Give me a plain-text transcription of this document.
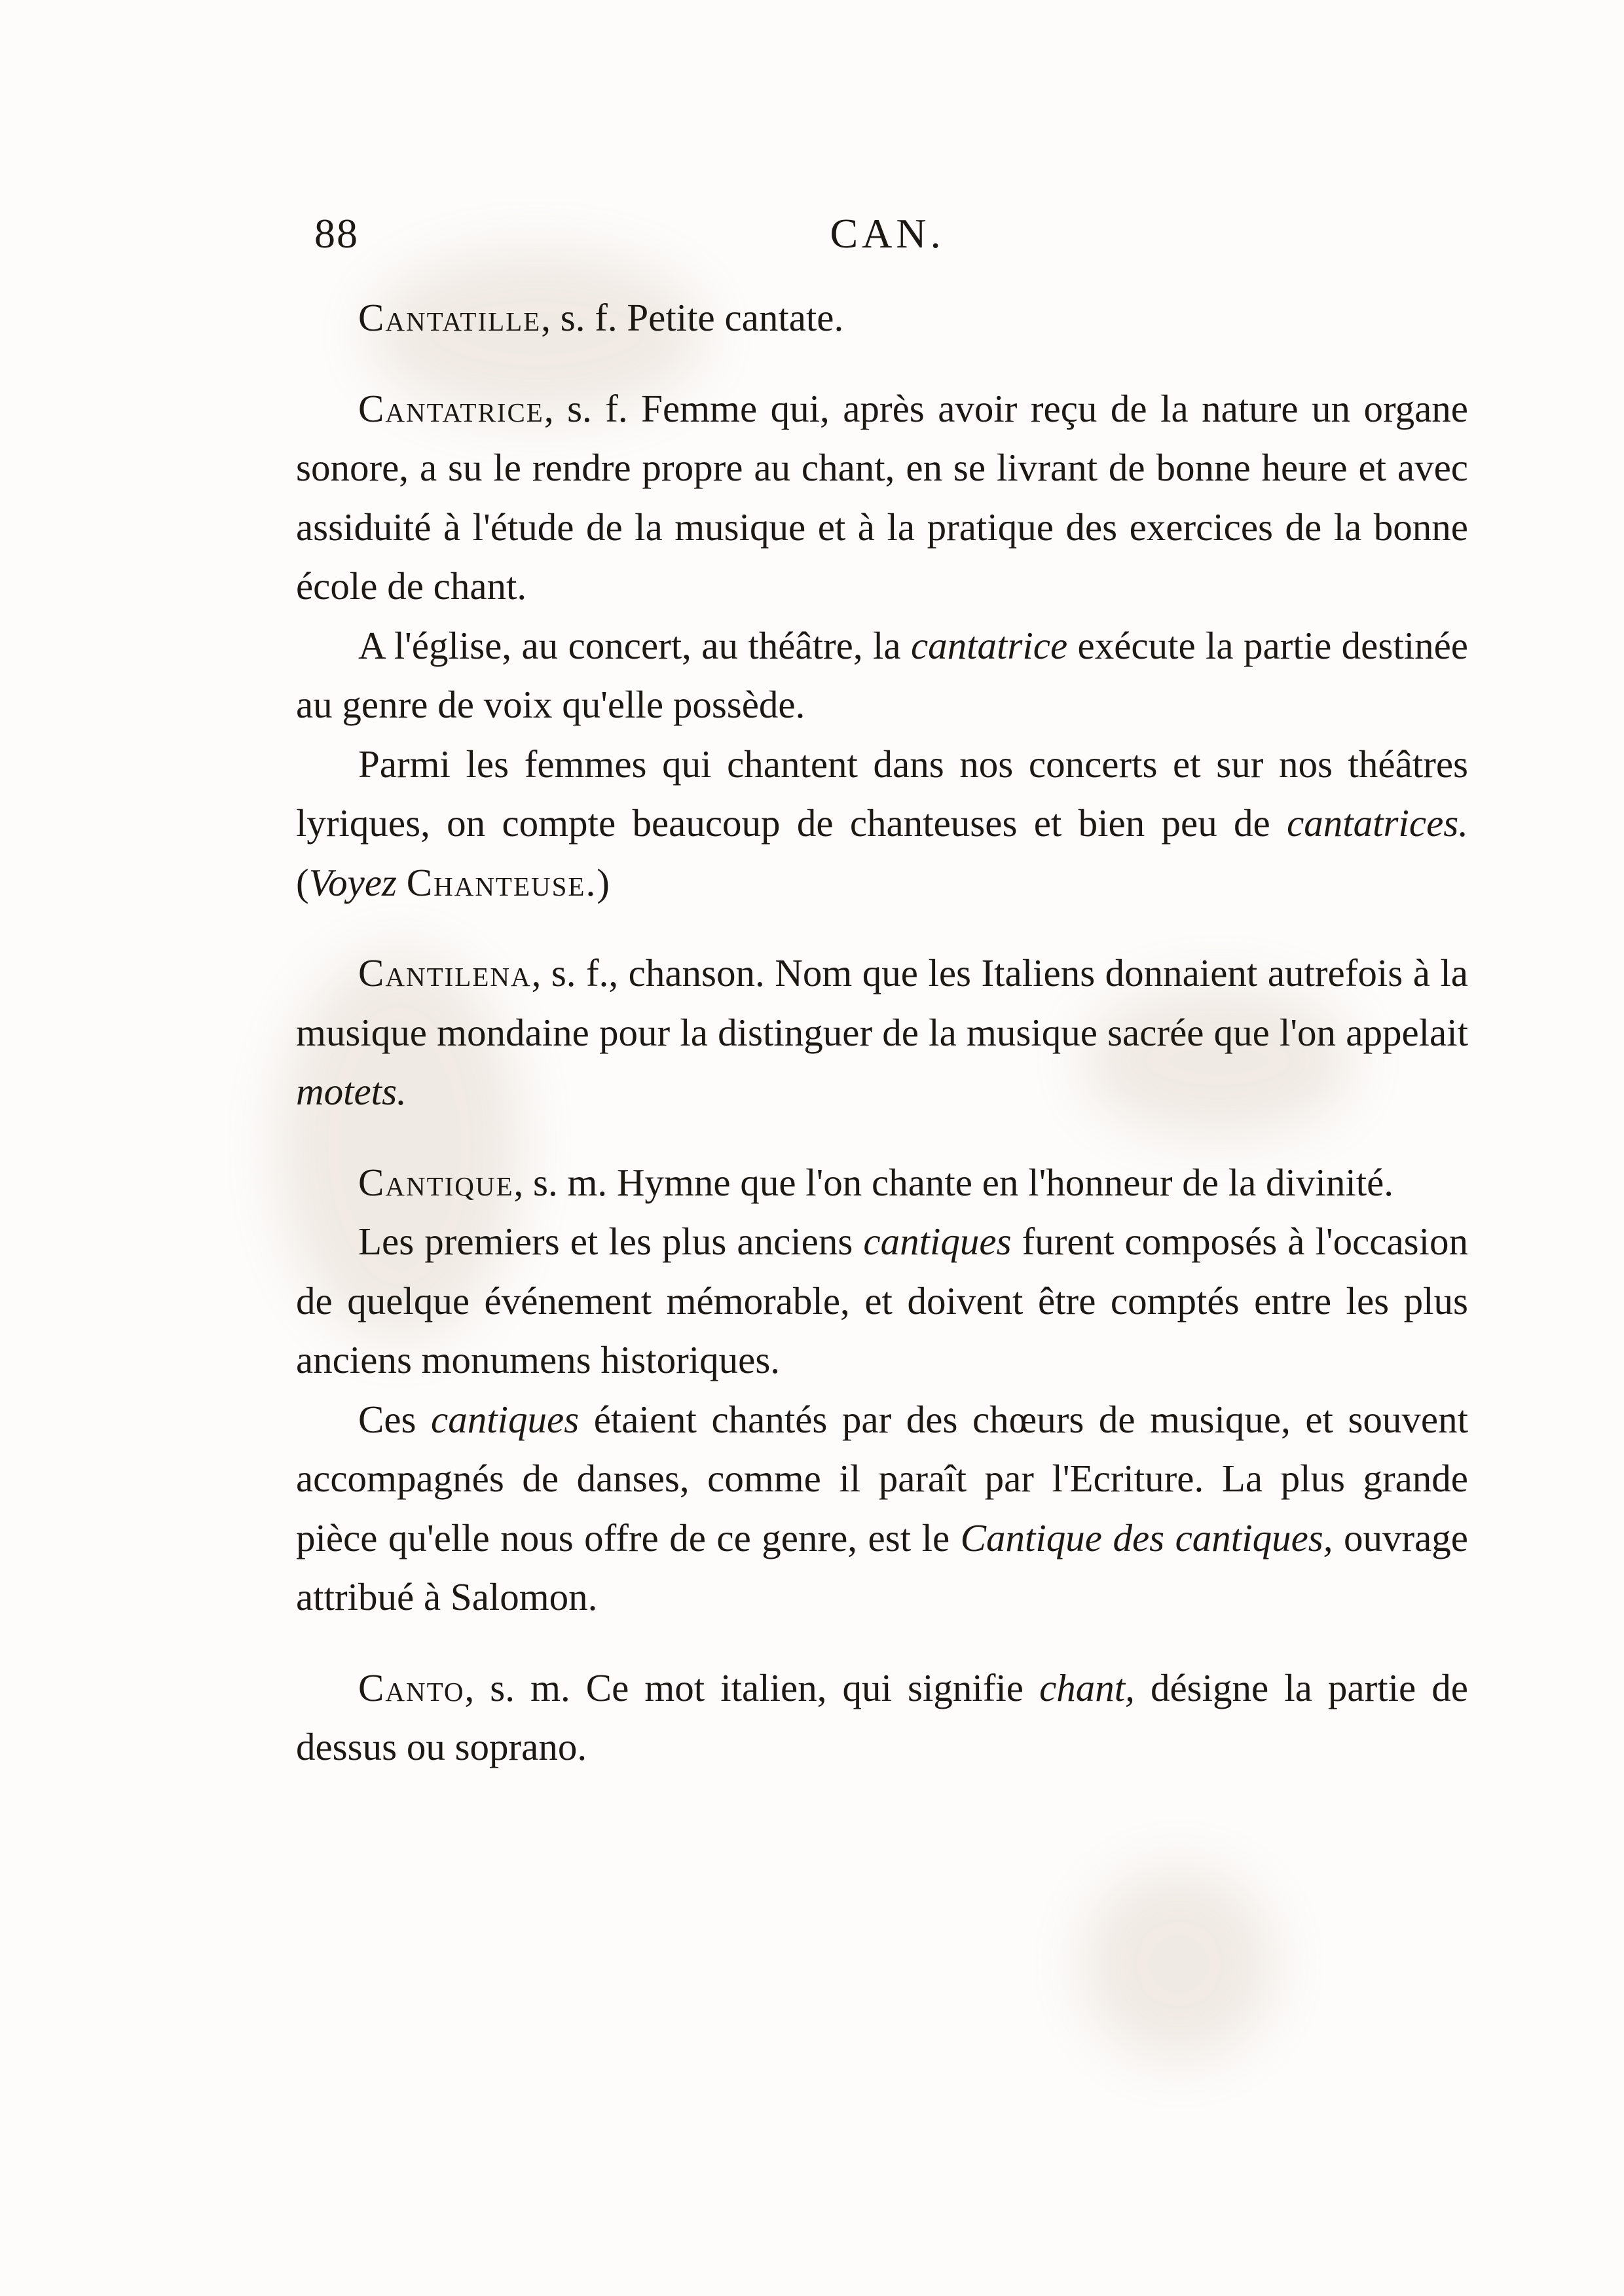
88	CAN.

Cantatille, s. f. Petite cantate.

Cantatrice, s. f. Femme qui, après avoir reçu de la nature un organe sonore, a su le rendre propre au chant, en se livrant de bonne heure et avec assiduité à l'étude de la musique et à la pratique des exercices de la bonne école de chant.

A l'église, au concert, au théâtre, la cantatrice exécute la partie destinée au genre de voix qu'elle possède.

Parmi les femmes qui chantent dans nos concerts et sur nos théâtres lyriques, on compte beaucoup de chanteuses et bien peu de cantatrices. (Voyez Chanteuse.)

Cantilena, s. f., chanson. Nom que les Italiens donnaient autrefois à la musique mondaine pour la distinguer de la musique sacrée que l'on appelait motets.

Cantique, s. m. Hymne que l'on chante en l'honneur de la divinité.

Les premiers et les plus anciens cantiques furent composés à l'occasion de quelque événement mémorable, et doivent être comptés entre les plus anciens monumens historiques.

Ces cantiques étaient chantés par des chœurs de musique, et souvent accompagnés de danses, comme il paraît par l'Ecriture. La plus grande pièce qu'elle nous offre de ce genre, est le Cantique des cantiques, ouvrage attribué à Salomon.

Canto, s. m. Ce mot italien, qui signifie chant, désigne la partie de dessus ou soprano.
